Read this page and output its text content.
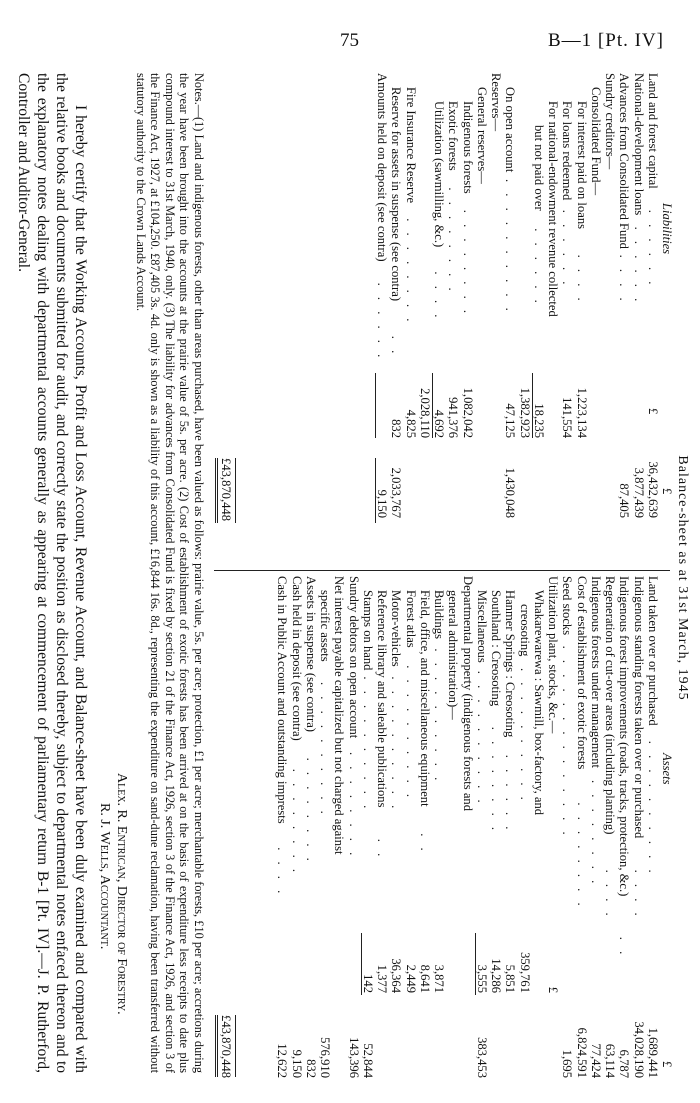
75	B—1 [Pt. IV]
Balance-sheet as at 31st March, 1945
Liabilities
£
£
Land and forest capital
. . . . . .
36,432,639
National-development loans
. . . . . .
3,877,439
Advances from Consolidated Fund
. . . .
87,405
Sundry creditors—
Consolidated Fund—
For interest paid on loans
. . . .
1,223,134
For loans redeemed
. . . . . .
141,554
For national-endowment revenue collected
but not paid over
. . . . . .
18,235
1,382,923
On open account
. . . . . . . . . .
47,125
1,430,048
Reserves—
General reserves—
Indigenous forests
. . . . . . . .
1,082,042
Exotic forests
. . . . . . . .
941,376
Utilization (sawmilling, &c.)
. . . .
4,692
2,028,110
Fire Insurance Reserve
. . . . . . . .
4,825
Reserve for assets in suspense (see contra)
. .
832
2,033,767
Amounts held on deposit (see contra)
. . . . . .
9,150
£43,870,448
Assets
£
Land taken over or purchased
. . . . . . . . . .
1,689,441
Indigenous standing forests taken over or purchased
. . . .
34,028,190
Indigenous forest improvements (roads, tracks, protection, &c.)
. .
6,787
Regeneration of cut-over areas (including planting)
. . . .
63,114
Indigenous forests under management
. . . . . . . .
77,424
Cost of establishment of exotic forests
. . . . . . . .
6,824,591
Seed stocks
. . . . . . . . . . . . . .
1,695
Utilization plant, stocks, &c.—
£
Whakarewarewa : Sawmill, box-factory, and
creosoting
. . . . . . . . . .
359,761
Hanmer Springs : Creosoting
. . . . . .
5,851
Southland : Creosoting
. . . . . . . .
14,286
Miscellaneous
. . . . . . . . . .
3,555
383,453
Departmental property (indigenous forests and
general administration)—
Buildings
. . . . . . . . . .
3,871
Field, office, and miscellaneous equipment
. .
8,641
Forest atlas
. . . . . . . . . .
2,449
Motor-vehicles
. . . . . . . . . .
36,364
Reference library and saleable publications
. .
1,377
Stamps on hand
. . . . . . . . . .
142
52,844
Sundry debtors on open account
. . . . . . . .
143,396
Net interest payable capitalized but not charged against
specific assets
. . . . . . . . . .
576,910
Assets in suspense (see contra)
. . . . . . . .
832
Cash held in deposit (see contra)
. . . . . . . .
9,150
Cash in Public Account and outstanding imprests
. . . .
12,622
£43,870,448
Notes.—(1) Land and indigenous forests, other than areas purchased, have been valued as follows: prairie value, 5s. per acre; protection, £1 per acre; merchantable forests, £10 per acre; accretions during the year have been brought into the accounts at the prairie value of 5s. per acre. (2) Cost of establishment of exotic forests has been arrived at on the basis of expenditure less receipts to date plus compound interest to 31st March, 1940, only. (3) The liability for advances from Consolidated Fund is fixed by section 21 of the Finance Act, 1926, section 3 of the Finance Act, 1926, and section 3 of the Finance Act, 1927, at £104,250. £87,405 3s. 4d. only is shown as a liability of this account, £16,844 16s. 8d., representing the expenditure on sand-dune reclamation, having been transferred without statutory authority to the Crown Lands Account.
Alex. R. Entrican, Director of Forestry.
R. J. Wells, Accountant.
I hereby certify that the Working Accounts, Profit and Loss Account, Revenue Account, and Balance-sheet have been duly examined and compared with the relative books and documents submitted for audit, and correctly state the position as disclosed thereby, subject to departmental notes enfaced thereon and to the explanatory notes dealing with departmental accounts generally as appearing at commencement of parliamentary return B-1 [Pt. IV].—J. P. Rutherford, Controller and Auditor-General.
